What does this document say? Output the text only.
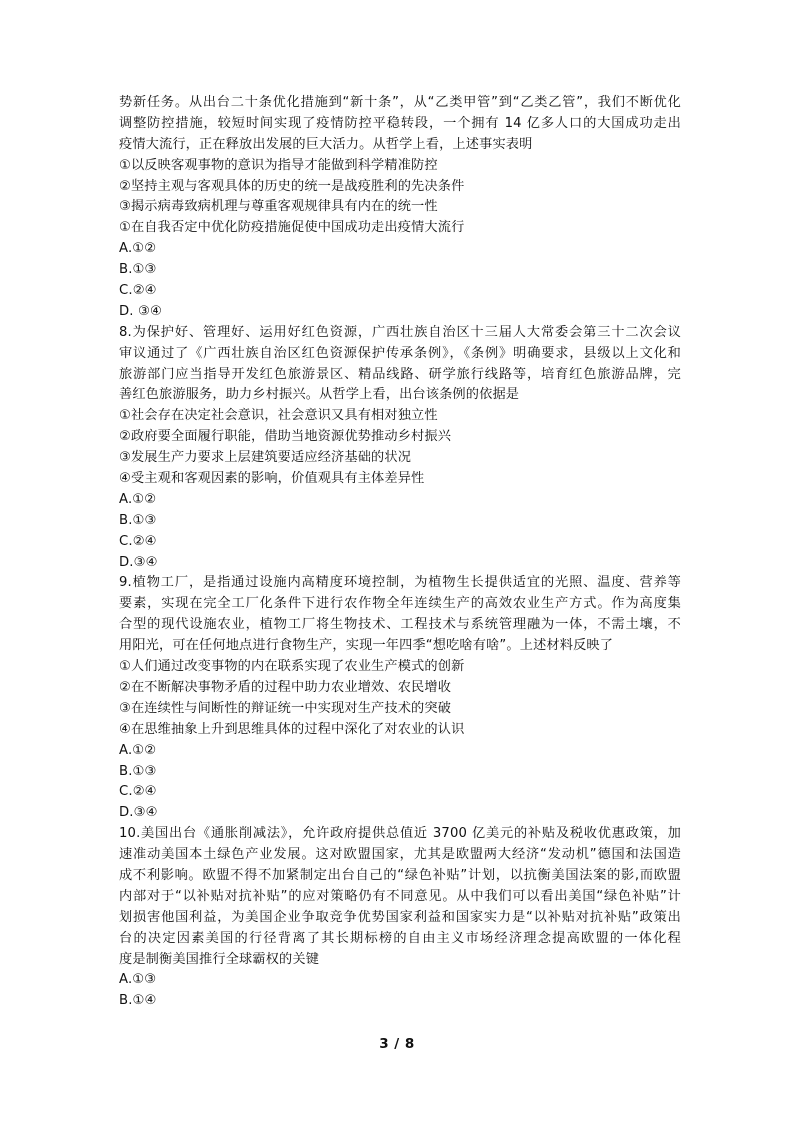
势新任务。从出台二十条优化措施到“新十条”，从“乙类甲管”到“乙类乙管”，我们不断优化
调整防控措施，较短时间实现了疫情防控平稳转段，一个拥有 14 亿多人口的大国成功走出
疫情大流行，正在释放出发展的巨大活力。从哲学上看，上述事实表明
①以反映客观事物的意识为指导才能做到科学精准防控
②坚持主观与客观具体的历史的统一是战疫胜利的先决条件
③揭示病毒致病机理与尊重客观规律具有内在的统一性
①在自我否定中优化防疫措施促使中国成功走出疫情大流行
A.①②
B.①③
C.②④
D. ③④
8.为保护好、管理好、运用好红色资源，广西壮族自治区十三届人大常委会第三十二次会议
审议通过了《广西壮族自治区红色资源保护传承条例》，《条例》明确要求，县级以上文化和
旅游部门应当指导开发红色旅游景区、精品线路、研学旅行线路等，培育红色旅游品牌，完
善红色旅游服务，助力乡村振兴。从哲学上看，出台该条例的依据是
①社会存在决定社会意识，社会意识又具有相对独立性
②政府要全面履行职能，借助当地资源优势推动乡村振兴
③发展生产力要求上层建筑要适应经济基础的状况
④受主观和客观因素的影响，价值观具有主体差异性
A.①②
B.①③
C.②④
D.③④
9.植物工厂，是指通过设施内高精度环境控制，为植物生长提供适宜的光照、温度、营养等
要素，实现在完全工厂化条件下进行农作物全年连续生产的高效农业生产方式。作为高度集
合型的现代设施农业，植物工厂将生物技术、工程技术与系统管理融为一体，不需土壤，不
用阳光，可在任何地点进行食物生产，实现一年四季“想吃啥有啥”。上述材料反映了
①人们通过改变事物的内在联系实现了农业生产模式的创新
②在不断解决事物矛盾的过程中助力农业增效、农民增收
③在连续性与间断性的辩证统一中实现对生产技术的突破
④在思维抽象上升到思维具体的过程中深化了对农业的认识
A.①②
B.①③
C.②④
D.③④
10.美国出台《通胀削减法》，允许政府提供总值近 3700 亿美元的补贴及税收优惠政策，加
速准动美国本土绿色产业发展。这对欧盟国家，尤其是欧盟两大经济“发动机”德国和法国造
成不利影响。欧盟不得不加紧制定出台自己的“绿色补贴”计划，以抗衡美国法案的影,而欧盟
内部对于“以补贴对抗补贴”的应对策略仍有不同意见。从中我们可以看出美国“绿色补贴”计
划损害他国利益，为美国企业争取竞争优势国家利益和国家实力是“以补贴对抗补贴”政策出
台的决定因素美国的行径背离了其长期标榜的自由主义市场经济理念提高欧盟的一体化程
度是制衡美国推行全球霸权的关键
A.①③
B.①④
3 / 8
